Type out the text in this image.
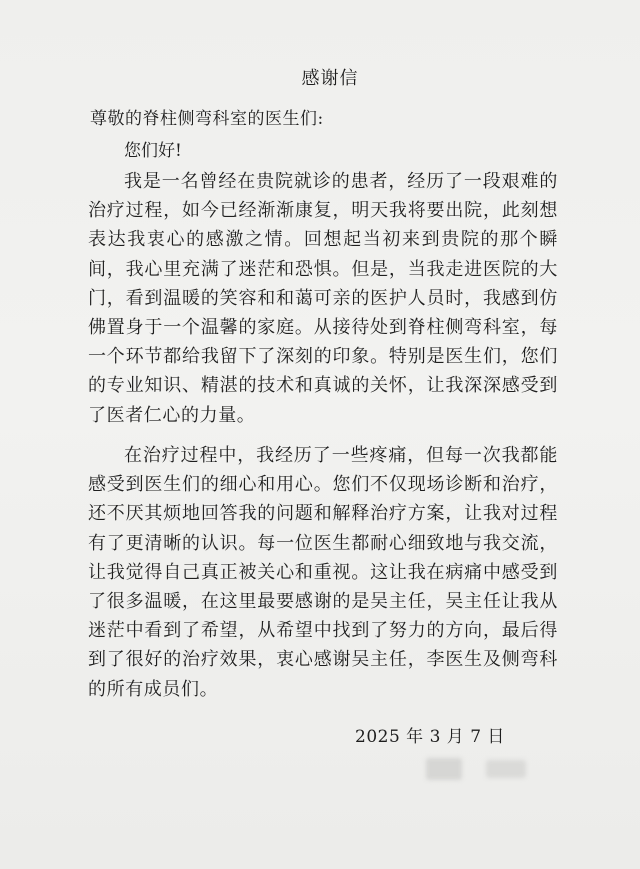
感谢信
尊敬的脊柱侧弯科室的医生们:
您们好!

我是一名曾经在贵院就诊的患者，经历了一段艰难的治疗过程，如今已经渐渐康复，明天我将要出院，此刻想表达我衷心的感激之情。回想起当初来到贵院的那个瞬间，我心里充满了迷茫和恐惧。但是，当我走进医院的大门，看到温暖的笑容和和蔼可亲的医护人员时，我感到仿佛置身于一个温馨的家庭。从接待处到脊柱侧弯科室，每一个环节都给我留下了深刻的印象。特别是医生们，您们的专业知识、精湛的技术和真诚的关怀，让我深深感受到了医者仁心的力量。

在治疗过程中，我经历了一些疼痛，但每一次我都能感受到医生们的细心和用心。您们不仅现场诊断和治疗，还不厌其烦地回答我的问题和解释治疗方案，让我对过程有了更清晰的认识。每一位医生都耐心细致地与我交流，让我觉得自己真正被关心和重视。这让我在病痛中感受到了很多温暖，在这里最要感谢的是吴主任，吴主任让我从迷茫中看到了希望，从希望中找到了努力的方向，最后得到了很好的治疗效果，衷心感谢吴主任，李医生及侧弯科的所有成员们。

2025 年 3 月 7 日
